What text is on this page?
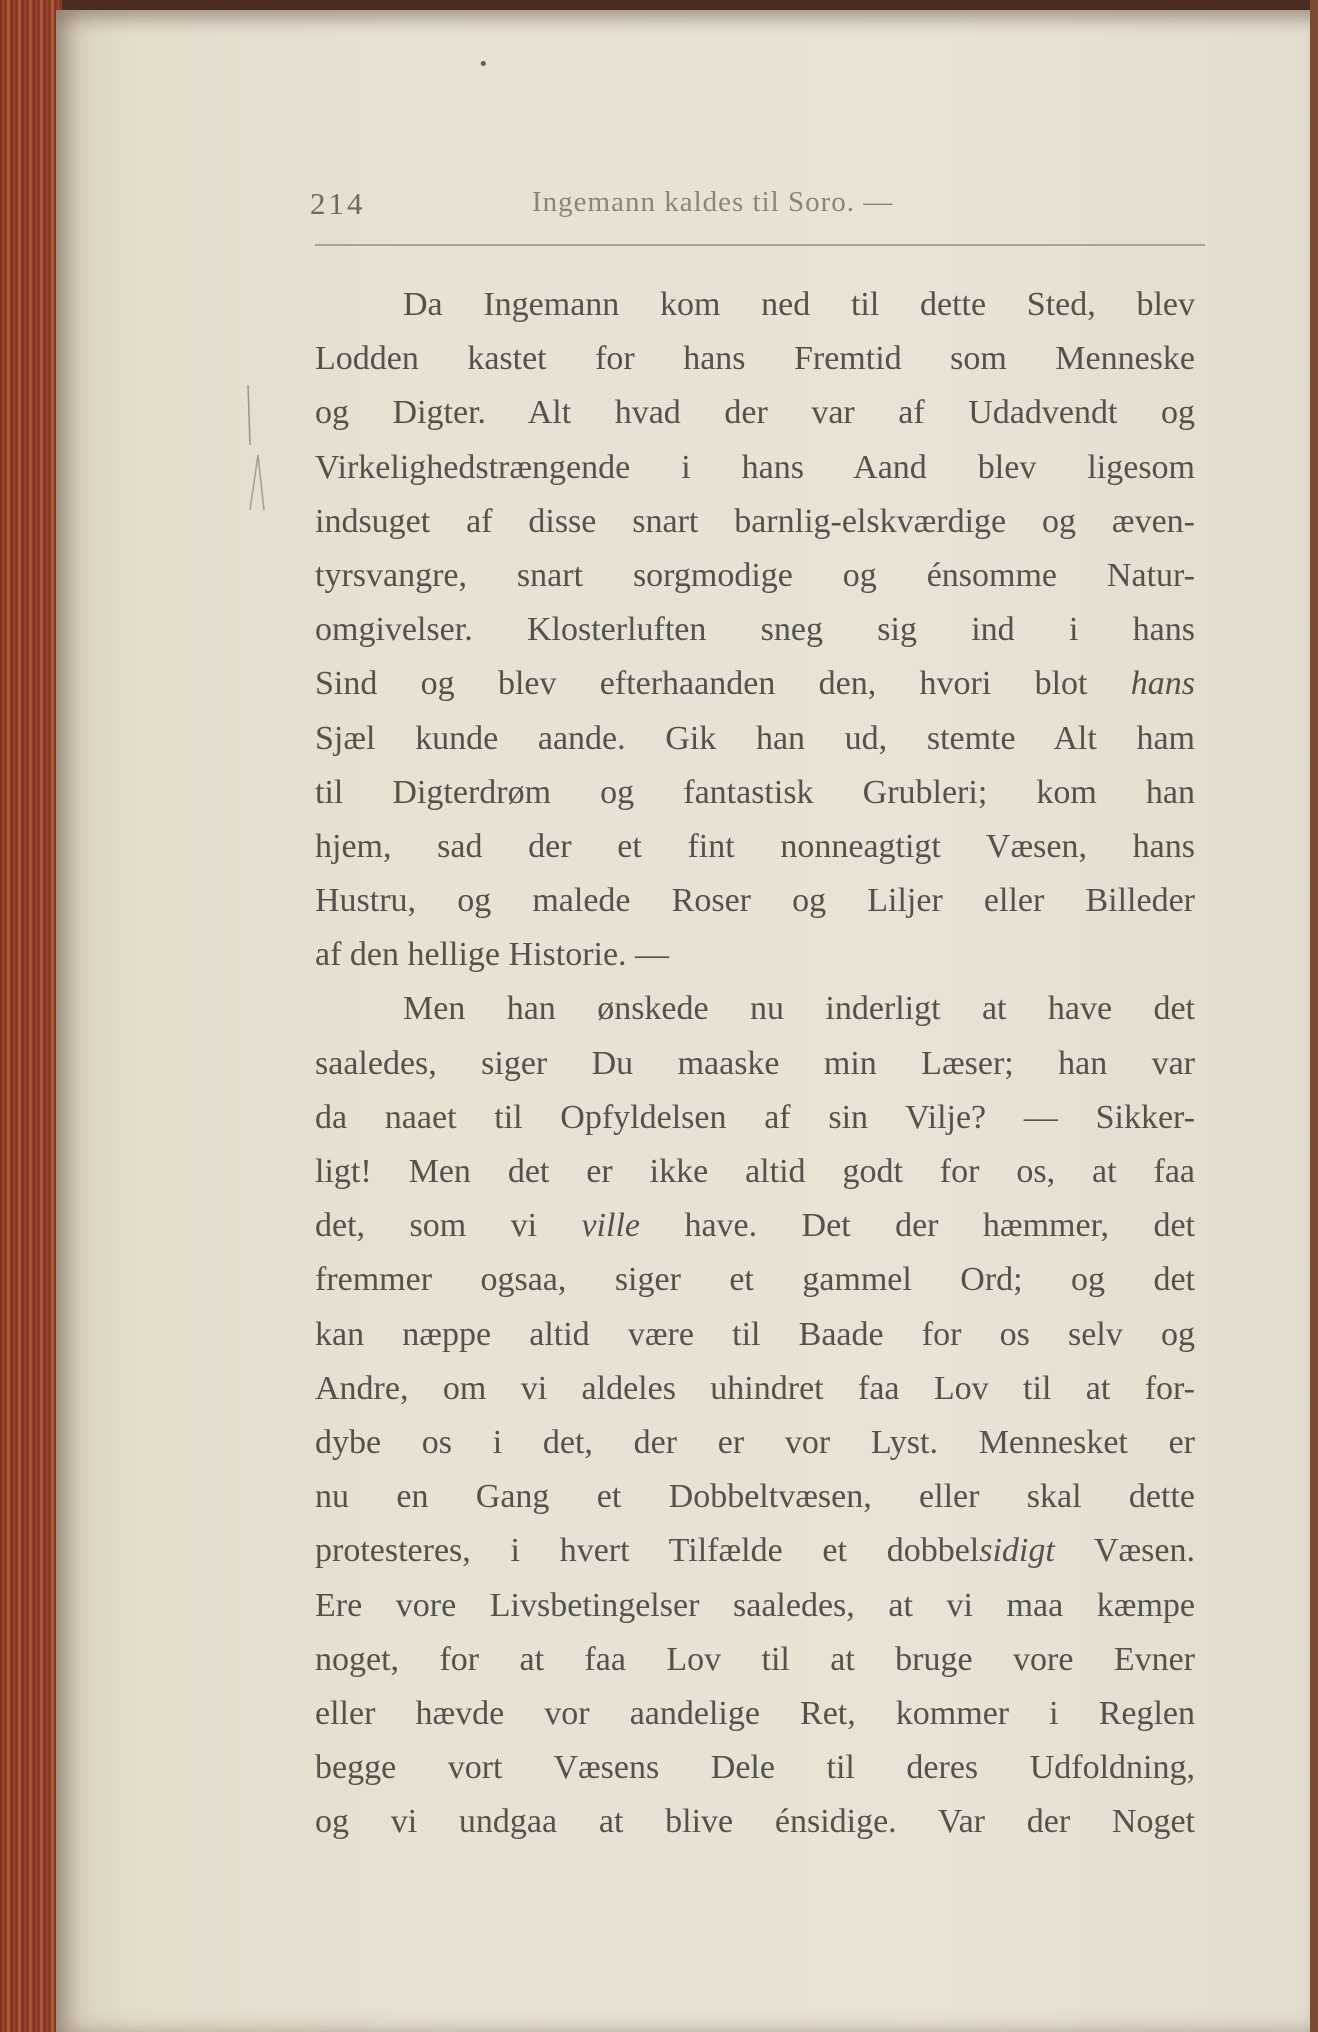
•
214	Ingemann kaldes til Soro. —
Da Ingemann kom ned til dette Sted, blev
Lodden kastet for hans Fremtid som Menneske
og Digter. Alt hvad der var af Udadvendt og
Virkelighedstrængende i hans Aand blev ligesom
indsuget af disse snart barnlig-elskværdige og æven-
tyrsvangre, snart sorgmodige og énsomme Natur-
omgivelser. Klosterluften sneg sig ind i hans
Sind og blev efterhaanden den, hvori blot hans
Sjæl kunde aande. Gik han ud, stemte Alt ham
til Digterdrøm og fantastisk Grubleri; kom han
hjem, sad der et fint nonneagtigt Væsen, hans
Hustru, og malede Roser og Liljer eller Billeder
af den hellige Historie. —
Men han ønskede nu inderligt at have det
saaledes, siger Du maaske min Læser; han var
da naaet til Opfyldelsen af sin Vilje? — Sikker-
ligt! Men det er ikke altid godt for os, at faa
det, som vi ville have. Det der hæmmer, det
fremmer ogsaa, siger et gammel Ord; og det
kan næppe altid være til Baade for os selv og
Andre, om vi aldeles uhindret faa Lov til at for-
dybe os i det, der er vor Lyst. Mennesket er
nu en Gang et Dobbeltvæsen, eller skal dette
protesteres, i hvert Tilfælde et dobbelsidigt Væsen.
Ere vore Livsbetingelser saaledes, at vi maa kæmpe
noget, for at faa Lov til at bruge vore Evner
eller hævde vor aandelige Ret, kommer i Reglen
begge vort Væsens Dele til deres Udfoldning,
og vi undgaa at blive énsidige. Var der Noget
